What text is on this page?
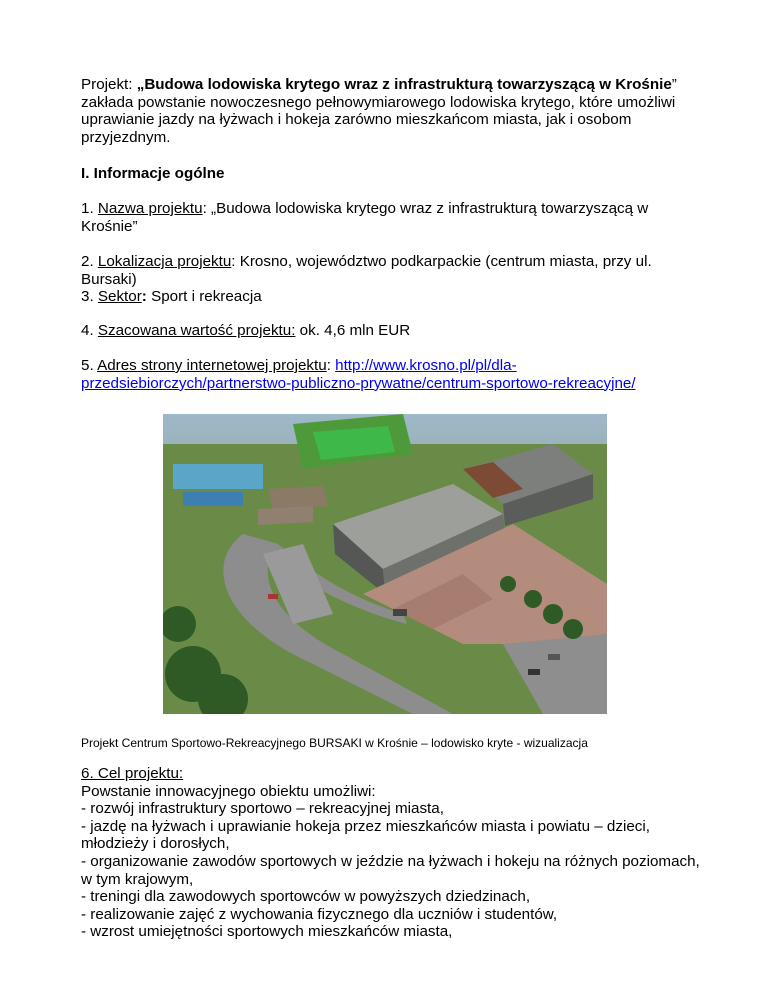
Projekt: „Budowa lodowiska krytego wraz z infrastrukturą towarzyszącą w Krośnie” zakłada powstanie nowoczesnego pełnowymiarowego lodowiska krytego, które umożliwi uprawianie jazdy na łyżwach i hokeja zarówno mieszkańcom miasta, jak i osobom przyjezdnym.

I. Informacje ogólne

1. Nazwa projektu: „Budowa lodowiska krytego wraz z infrastrukturą towarzyszącą w Krośnie”

2. Lokalizacja projektu: Krosno, województwo podkarpackie (centrum miasta, przy ul. Bursaki)

3. Sektor: Sport i rekreacja

4. Szacowana wartość projektu: ok. 4,6 mln EUR

5. Adres strony internetowej projektu: http://www.krosno.pl/pl/dla-przedsiebiorczych/partnerstwo-publiczno-prywatne/centrum-sportowo-rekreacyjne/

Projekt Centrum Sportowo-Rekreacyjnego BURSAKI w Krośnie – lodowisko kryte - wizualizacja

6. Cel projektu:

Powstanie innowacyjnego obiektu umożliwi:

- rozwój infrastruktury sportowo – rekreacyjnej miasta,

- jazdę na łyżwach i uprawianie hokeja przez mieszkańców miasta i powiatu – dzieci, młodzieży i dorosłych,

- organizowanie zawodów sportowych w jeździe na łyżwach i hokeju na różnych poziomach, w tym krajowym,

- treningi dla zawodowych sportowców w powyższych dziedzinach,

- realizowanie zajęć z wychowania fizycznego dla uczniów i studentów,

- wzrost umiejętności sportowych mieszkańców miasta,
